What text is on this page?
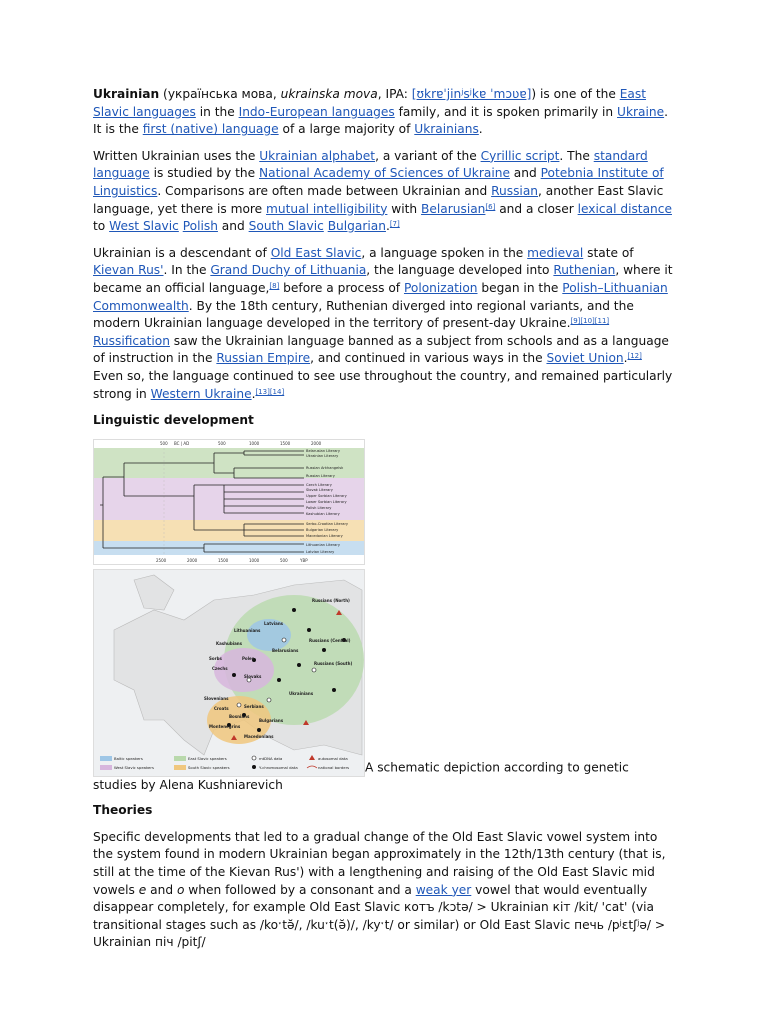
Ukrainian (українська мова, ukrainska mova, IPA: [ʊkrɐˈjinʲsʲkɐ ˈmɔʋɐ]) is one of the East Slavic languages in the Indo-European languages family, and it is spoken primarily in Ukraine. It is the first (native) language of a large majority of Ukrainians.

Written Ukrainian uses the Ukrainian alphabet, a variant of the Cyrillic script. The standard language is studied by the National Academy of Sciences of Ukraine and Potebnia Institute of Linguistics. Comparisons are often made between Ukrainian and Russian, another East Slavic language, yet there is more mutual intelligibility with Belarusian[6] and a closer lexical distance to West Slavic Polish and South Slavic Bulgarian.[7]

Ukrainian is a descendant of Old East Slavic, a language spoken in the medieval state of Kievan Rus'. In the Grand Duchy of Lithuania, the language developed into Ruthenian, where it became an official language,[8] before a process of Polonization began in the Polish–Lithuanian Commonwealth. By the 18th century, Ruthenian diverged into regional variants, and the modern Ukrainian language developed in the territory of present-day Ukraine.[9][10][11] Russification saw the Ukrainian language banned as a subject from schools and as a language of instruction in the Russian Empire, and continued in various ways in the Soviet Union.[12] Even so, the language continued to see use throughout the country, and remained particularly strong in Western Ukraine.[13][14]

Linguistic development
500 BC | AD	500	1000	1500	2000
2500	2000	1500	1000	500	YBP
Belarusian Literary
Ukrainian Literary
Russian Arkhangelsk
Russian Literary
Czech Literary
Slovak Literary
Upper Sorbian Literary
Lower Sorbian Literary
Polish Literary
Kashubian Literary
Serbo-Croatian Literary
Bulgarian Literary
Macedonian Literary
Lithuanian Literary
Latvian Literary
Russians (North)
Russians (Central)
Russians (South)
Ukrainians
Belarusians
Lithuanians
Latvians
Poles
Czechs
Slovaks
Sorbs
Kashubians
Croats	Serbians
Bosnians
Slovenians
Bulgarians
Macedonians
Montenegrins
Baltic speakers
West Slavic speakers
East Slavic speakers
South Slavic speakers
mtDNA data
Y-chromosomal data
autosomal data
national borders A schematic depiction according to genetic studies by Alena Kushniarevich
Theories

Specific developments that led to a gradual change of the Old East Slavic vowel system into the system found in modern Ukrainian began approximately in the 12th/13th century (that is, still at the time of the Kievan Rus') with a lengthening and raising of the Old East Slavic mid vowels e and o when followed by a consonant and a weak yer vowel that would eventually disappear completely, for example Old East Slavic котъ /kɔtə/ > Ukrainian кіт /kit/ 'cat' (via transitional stages such as /koˑtə̆/, /kuˑt(ə̆)/, /kyˑt/ or similar) or Old East Slavic печь /pʲɛtʃʲə/ > Ukrainian піч /pitʃ/
